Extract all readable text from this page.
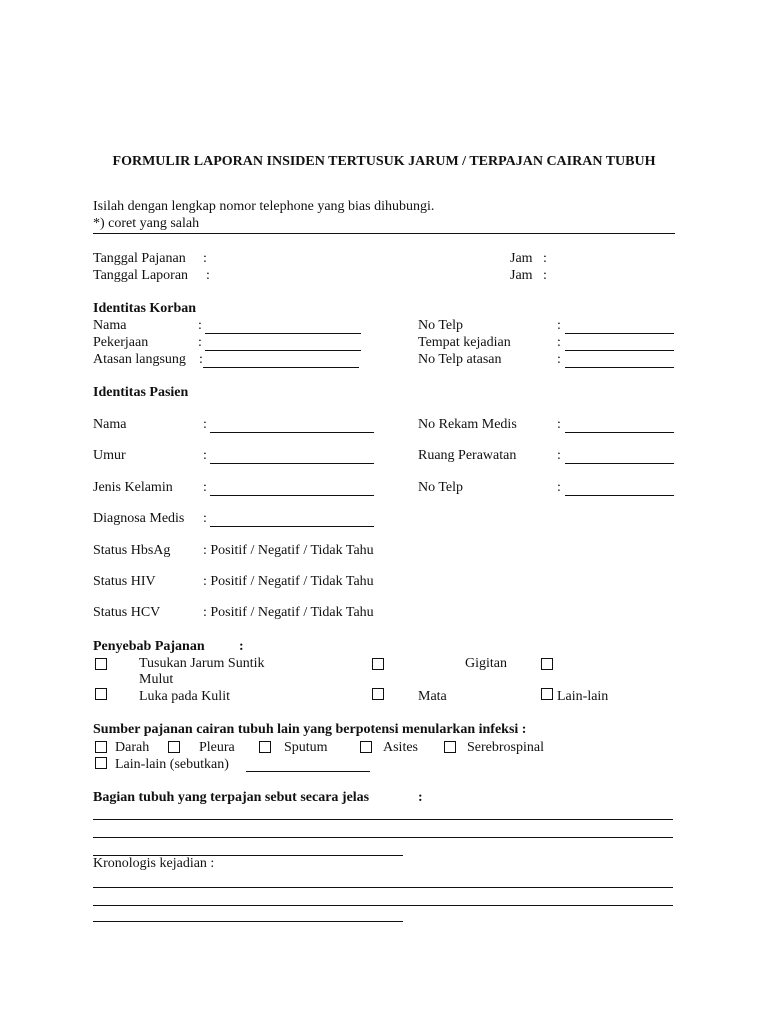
FORMULIR LAPORAN INSIDEN TERTUSUK JARUM / TERPAJAN CAIRAN TUBUH
Isilah dengan lengkap nomor telephone yang bias dihubungi.
*) coret yang salah
Tanggal Pajanan :	Jam :
Tanggal Laporan :	Jam :
Identitas Korban
Nama	:	No Telp	:
Pekerjaan	:	Tempat kejadian	:
Atasan langsung :	No Telp atasan	:
Identitas Pasien
Nama	:	No Rekam Medis	:
Umur	:	Ruang Perawatan	:
Jenis Kelamin :	No Telp	:
Diagnosa Medis :
Status HbsAg : Positif / Negatif / Tidak Tahu
Status HIV	: Positif / Negatif / Tidak Tahu
Status HCV	: Positif / Negatif / Tidak Tahu
Penyebab Pajanan :
Tusukan Jarum Suntik	Gigitan
Mulut
Luka pada Kulit	Mata	Lain-lain
Sumber pajanan cairan tubuh lain yang berpotensi menularkan infeksi :
Darah	Pleura	Sputum	Asites	Serebrospinal
Lain-lain (sebutkan)
Bagian tubuh yang terpajan sebut secara jelas	:
Kronologis kejadian :
